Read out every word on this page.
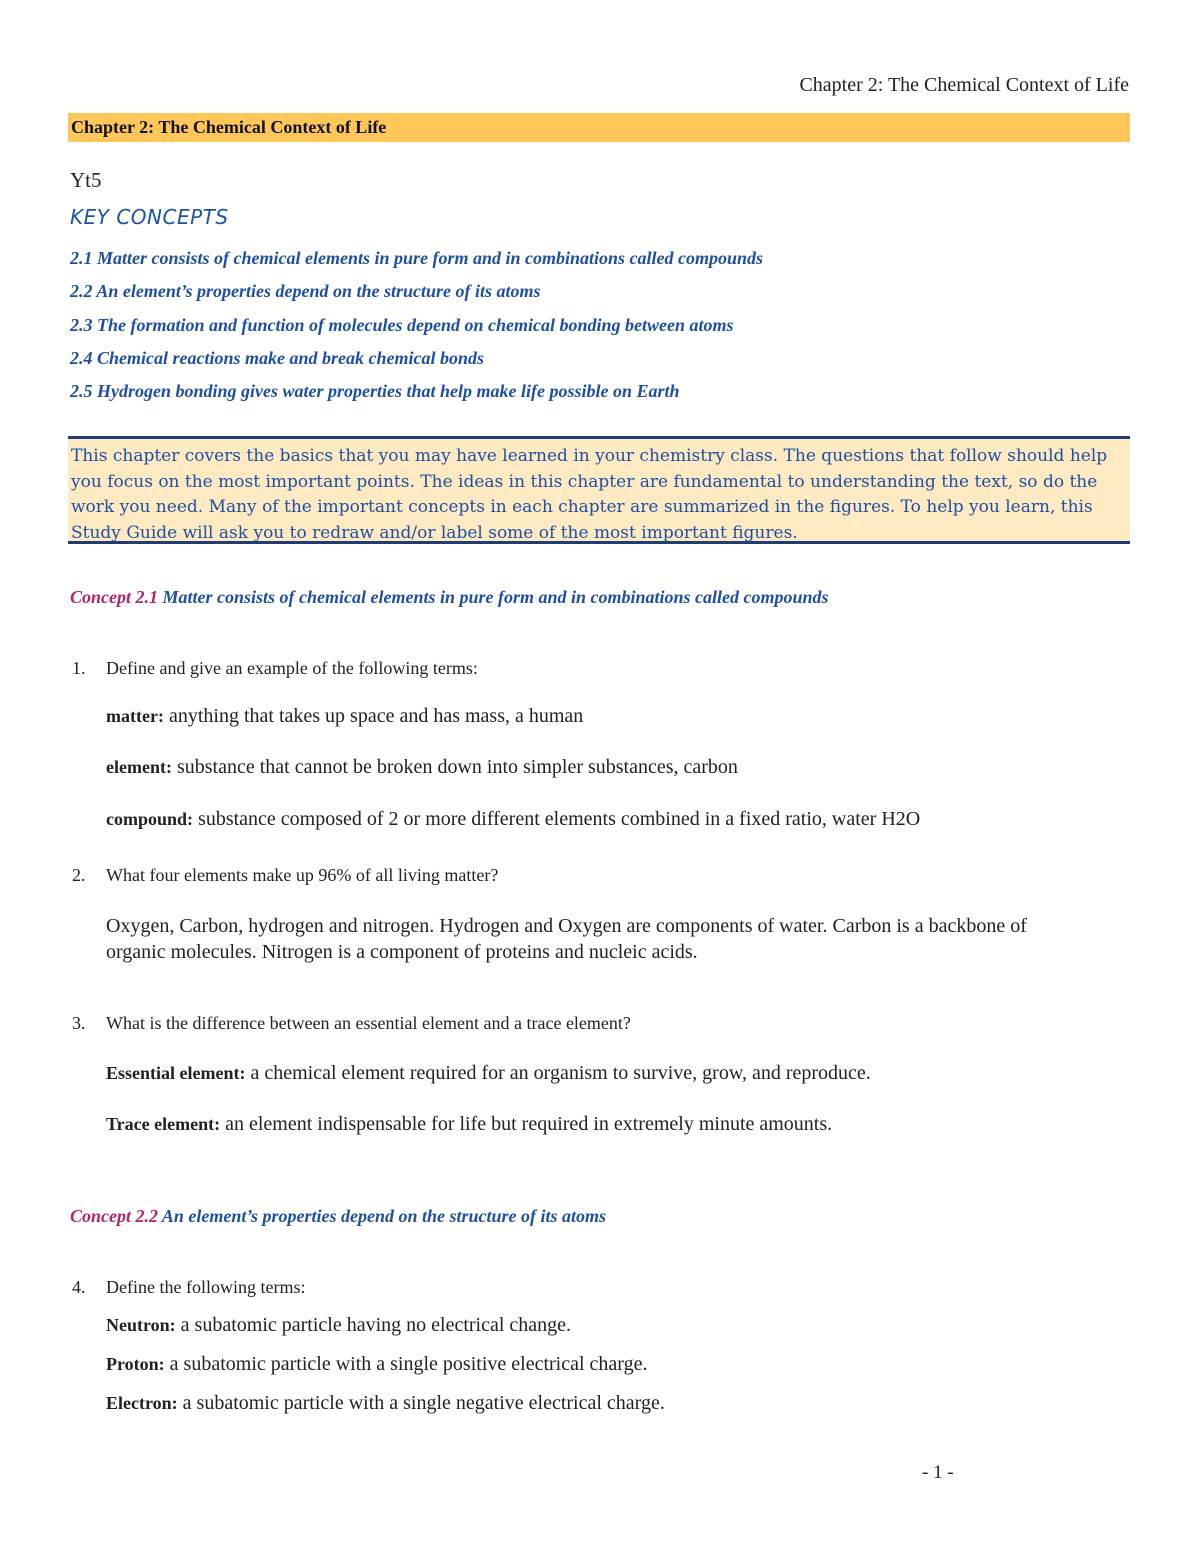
Chapter 2: The Chemical Context of Life
Chapter 2: The Chemical Context of Life
Yt5
KEY CONCEPTS
2.1 Matter consists of chemical elements in pure form and in combinations called compounds
2.2 An element’s properties depend on the structure of its atoms
2.3 The formation and function of molecules depend on chemical bonding between atoms
2.4 Chemical reactions make and break chemical bonds
2.5 Hydrogen bonding gives water properties that help make life possible on Earth

This chapter covers the basics that you may have learned in your chemistry class. The questions that follow should help you focus on the most important points. The ideas in this chapter are fundamental to understanding the text, so do the work you need. Many of the important concepts in each chapter are summarized in the figures. To help you learn, this Study Guide will ask you to redraw and/or label some of the most important figures.

Concept 2.1 Matter consists of chemical elements in pure form and in combinations called compounds
1. Define and give an example of the following terms:
matter: anything that takes up space and has mass, a human
element: substance that cannot be broken down into simpler substances, carbon
compound: substance composed of 2 or more different elements combined in a fixed ratio, water H2O
2. What four elements make up 96% of all living matter?
Oxygen, Carbon, hydrogen and nitrogen. Hydrogen and Oxygen are components of water. Carbon is a backbone of organic molecules. Nitrogen is a component of proteins and nucleic acids.
3. What is the difference between an essential element and a trace element?
Essential element: a chemical element required for an organism to survive, grow, and reproduce.
Trace element: an element indispensable for life but required in extremely minute amounts.
Concept 2.2 An element’s properties depend on the structure of its atoms
4. Define the following terms:
Neutron: a subatomic particle having no electrical change.
Proton: a subatomic particle with a single positive electrical charge.
Electron: a subatomic particle with a single negative electrical charge.
- 1 -
